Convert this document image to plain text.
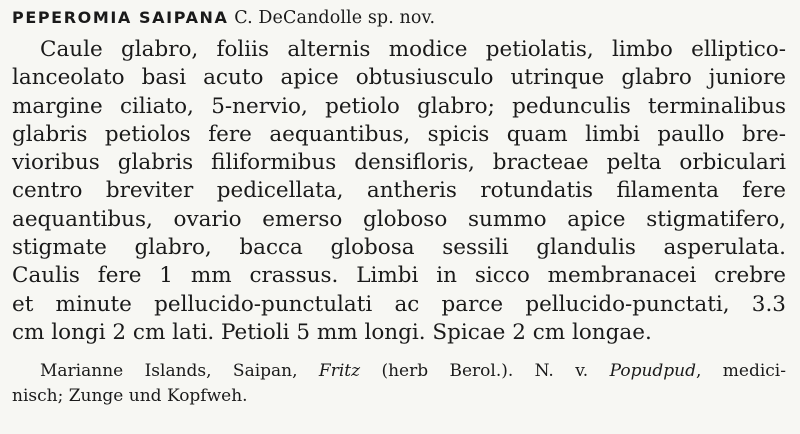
PEPEROMIA SAIPANA C. DeCandolle sp. nov.
Caule glabro, foliis alternis modice petiolatis, limbo elliptico-
lanceolato basi acuto apice obtusiusculo utrinque glabro juniore
margine ciliato, 5-nervio, petiolo glabro; pedunculis terminalibus
glabris petiolos fere aequantibus, spicis quam limbi paullo bre-
vioribus glabris filiformibus densifloris, bracteae pelta orbiculari
centro breviter pedicellata, antheris rotundatis filamenta fere
aequantibus, ovario emerso globoso summo apice stigmatifero,
stigmate glabro, bacca globosa sessili glandulis asperulata.
Caulis fere 1 mm crassus. Limbi in sicco membranacei crebre
et minute pellucido-punctulati ac parce pellucido-punctati, 3.3
cm longi 2 cm lati. Petioli 5 mm longi. Spicae 2 cm longae.
Marianne Islands, Saipan, Fritz (herb Berol.). N. v. Popudpud, medici-
nisch; Zunge und Kopfweh.
